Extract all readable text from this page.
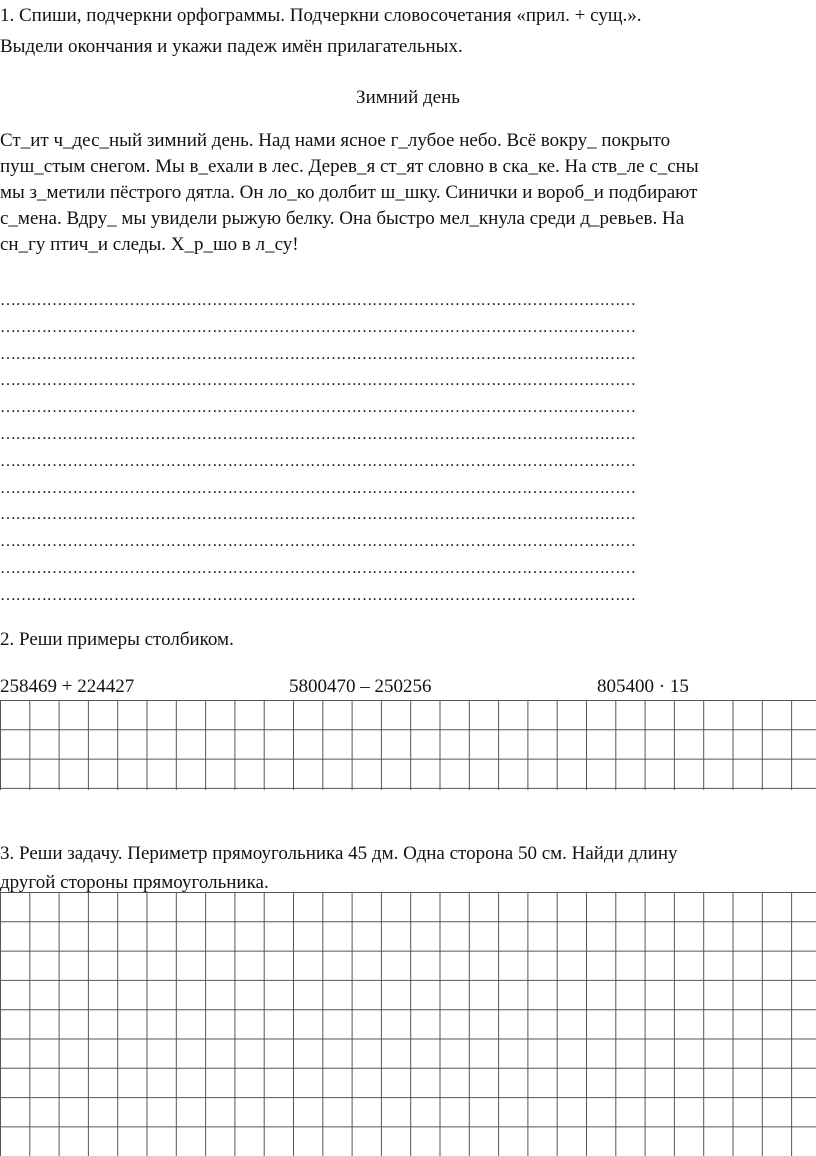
1. Спиши, подчеркни орфограммы. Подчеркни словосочетания «прил. + сущ.».
Выдели окончания и укажи падеж имён прилагательных.
Зимний день
Ст_ит ч_дес_ный зимний день. Над нами ясное г_лубое небо. Всё вокру_ покрыто
пуш_стым снегом. Мы в_ехали в лес. Дерев_я ст_ят словно в ска_ке. На ств_ле с_сны
мы з_метили пёстрого дятла. Он ло_ко долбит ш_шку. Синички и вороб_и подбирают
с_мена. Вдру_ мы увидели рыжую белку. Она быстро мел_кнула среди д_ревьев. На
сн_гу птич_и следы. Х_р_шо в л_су!
……………………………………………………………………………………………………………
……………………………………………………………………………………………………………
……………………………………………………………………………………………………………
……………………………………………………………………………………………………………
……………………………………………………………………………………………………………
……………………………………………………………………………………………………………
……………………………………………………………………………………………………………
……………………………………………………………………………………………………………
……………………………………………………………………………………………………………
……………………………………………………………………………………………………………
……………………………………………………………………………………………………………
……………………………………………………………………………………………………………
2. Реши примеры столбиком.
258469 + 224427	5800470 – 250256	805400 · 15
3. Реши задачу. Периметр прямоугольника 45 дм. Одна сторона 50 см. Найди длину
другой стороны прямоугольника.
